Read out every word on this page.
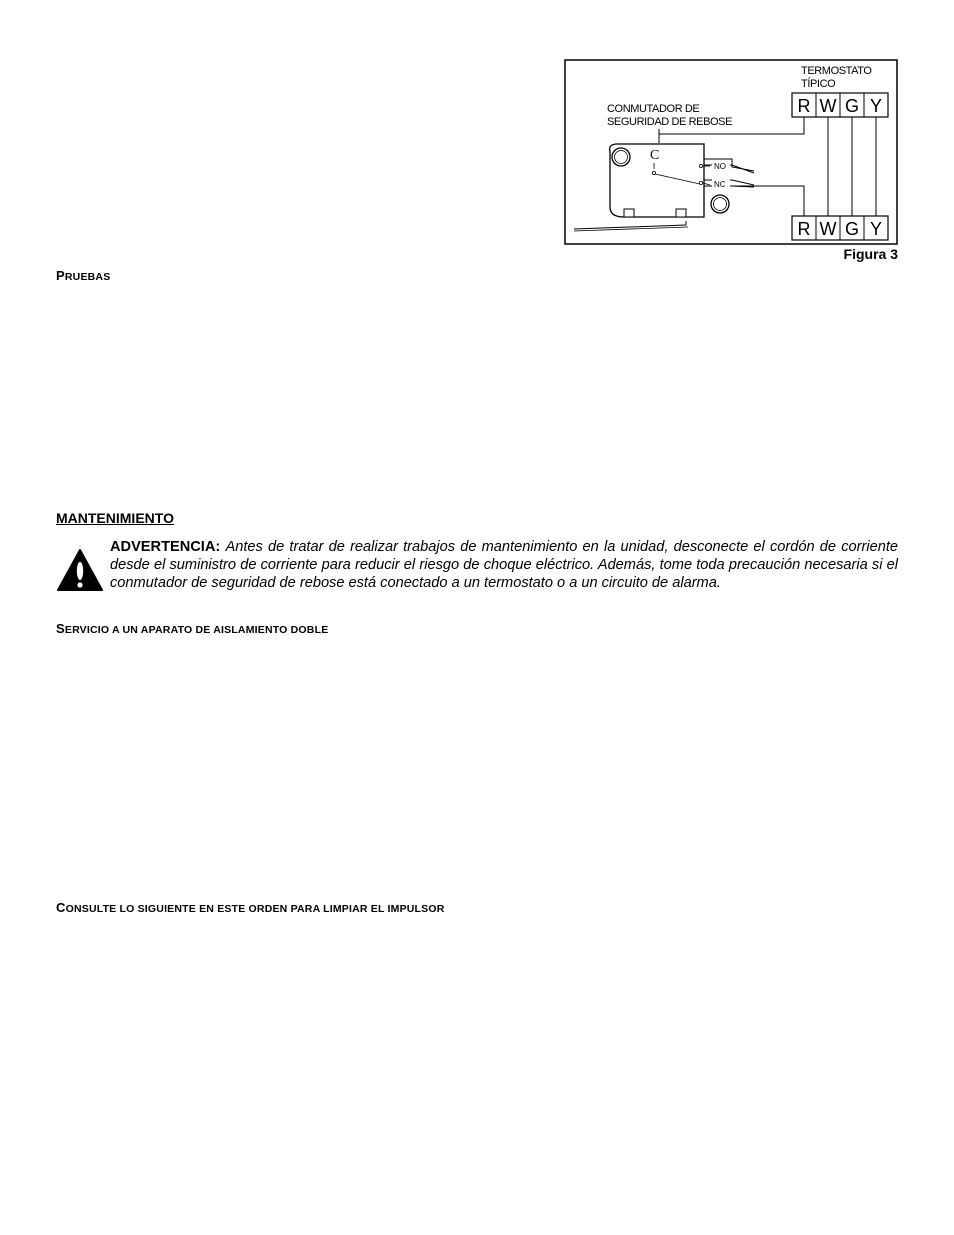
TERMOSTATO
TÍPICO
R W G Y
R W G Y
CONMUTADOR DE
SEGURIDAD DE REBOSE
C
NO
NC
Figura 3
PRUEBAS
MANTENIMIENTO
ADVERTENCIA: Antes de tratar de realizar trabajos de mantenimiento en la unidad, desconecte el cordón de corriente desde el suministro de corriente para reducir el riesgo de choque eléctrico. Además, tome toda precaución necesaria si el conmutador de seguridad de rebose está conectado a un termostato o a un circuito de alarma.
SERVICIO A UN APARATO DE AISLAMIENTO DOBLE
CONSULTE LO SIGUIENTE EN ESTE ORDEN PARA LIMPIAR EL IMPULSOR
